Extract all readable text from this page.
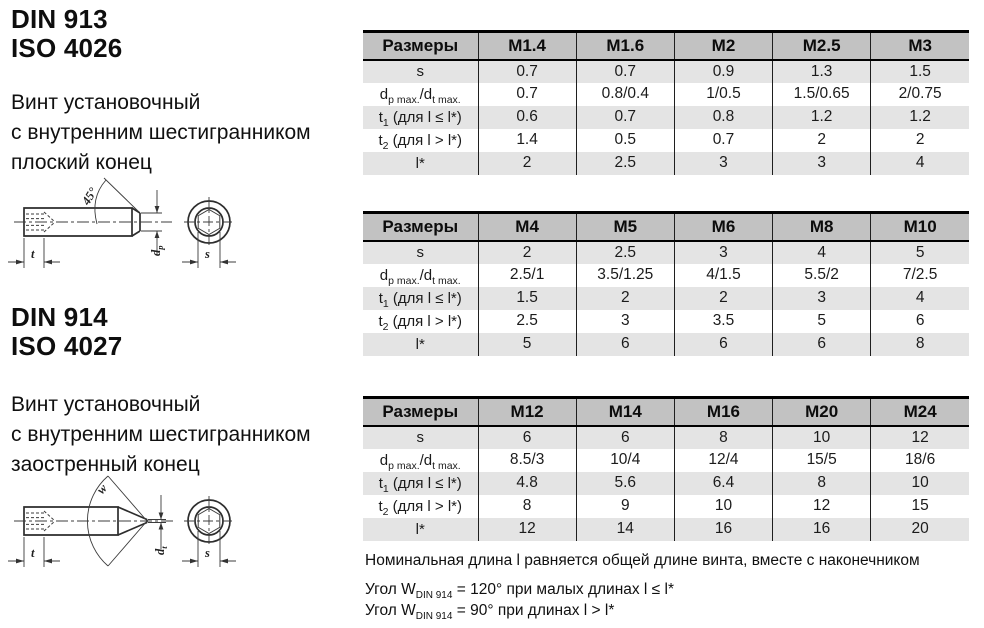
DIN 913
ISO 4026
Винт установочный
с внутренним шестигранником
плоский конец
45°
t	$d_p$	s
DIN 914
ISO 4027
Винт установочный
с внутренним шестигранником
заостренный конец
w
t	$d_t$	s
Размеры	M1.4	M1.6	M2	M2.5	M3
s	0.7	0.7	0.9	1.3	1.5
$d_{p max.}/d_{t max.}$	0.7	0.8/0.4	1/0.5	1.5/0.65	2/0.75
$t_1$ (для l ≤ l*)	0.6	0.7	0.8	1.2	1.2
$t_2$ (для l > l*)	1.4	0.5	0.7	2	2
l*	2	2.5	3	3	4
Размеры	M4	M5	M6	M8	M10
s	2	2.5	3	4	5
$d_{p max.}/d_{t max.}$	2.5/1	3.5/1.25	4/1.5	5.5/2	7/2.5
$t_1$ (для l ≤ l*)	1.5	2	2	3	4
$t_2$ (для l > l*)	2.5	3	3.5	5	6
l*	5	6	6	6	8
Размеры	M12	M14	M16	M20	M24
s	6	6	8	10	12
$d_{p max.}/d_{t max.}$	8.5/3	10/4	12/4	15/5	18/6
$t_1$ (для l ≤ l*)	4.8	5.6	6.4	8	10
$t_2$ (для l > l*)	8	9	10	12	15
l*	12	14	16	16	20
Номинальная длина l равняется общей длине винта, вместе с наконечником
Угол $W_{DIN 914} = 120^\circ$ при малых длинах l ≤ l*
Угол $W_{DIN 914} = 90^\circ$ при длинах l > l*
